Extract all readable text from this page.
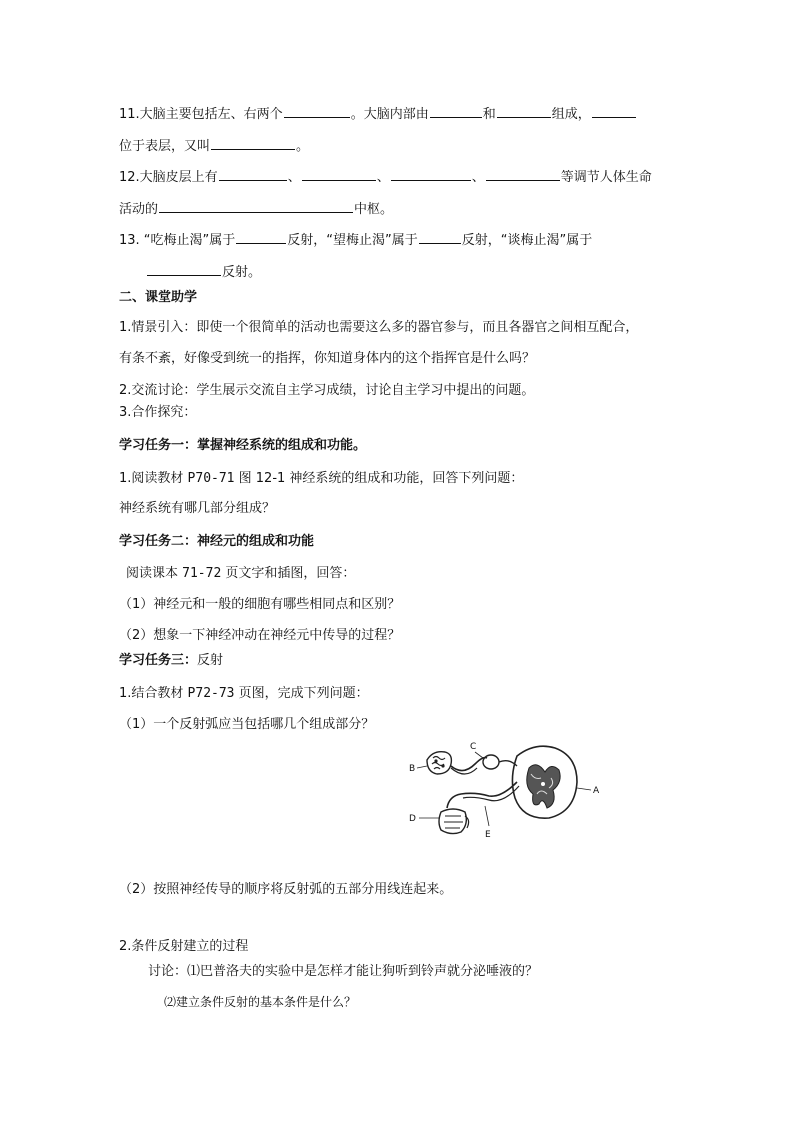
11.大脑主要包括左、右两个	。大脑内部由	和	组成，
位于表层，又叫	。
12.大脑皮层上有	、	、	、	等调节人体生命
活动的	中枢。
13. “吃梅止渴”属于	反射，“望梅止渴”属于	反射，“谈梅止渴”属于
反射。
二、课堂助学
1.情景引入：即使一个很简单的活动也需要这么多的器官参与，而且各器官之间相互配合，
有条不紊，好像受到统一的指挥，你知道身体内的这个指挥官是什么吗？
2.交流讨论：学生展示交流自主学习成绩，讨论自主学习中提出的问题。
3.合作探究：
学习任务一：掌握神经系统的组成和功能。
1.阅读教材 P70-71 图 12-1 神经系统的组成和功能，回答下列问题：
神经系统有哪几部分组成？
学习任务二：神经元的组成和功能
阅读课本 71-72 页文字和插图，回答：
（1）神经元和一般的细胞有哪些相同点和区别？
（2）想象一下神经冲动在神经元中传导的过程？
学习任务三：反射
1.结合教材 P72-73 页图，完成下列问题：
（1）一个反射弧应当包括哪几个组成部分？
C
B
A
D
E
（2）按照神经传导的顺序将反射弧的五部分用线连起来。
2.条件反射建立的过程
讨论：⑴巴普洛夫的实验中是怎样才能让狗听到铃声就分泌唾液的？
⑵建立条件反射的基本条件是什么？
